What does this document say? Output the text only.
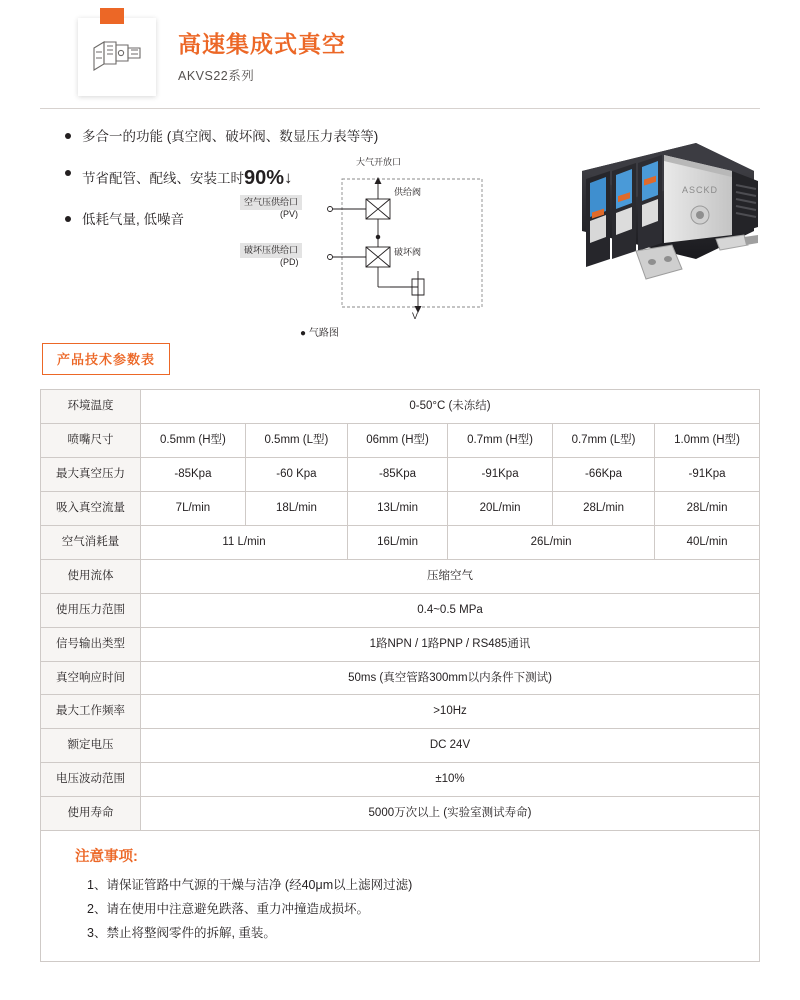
高速集成式真空
AKVS22系列
多合一的功能 (真空阀、破坏阀、数显压力表等等)
节省配管、配线、安装工时90%↓
低耗气量, 低噪音
大气开放口
供给阀
破坏阀
空气压供给口
(PV)
破坏压供给口
(PD)
V
● 气路图
ASCKD
产品技术参数表
环境温度	0-50°C (未冻结)					
喷嘴尺寸	0.5mm (H型)	0.5mm (L型)	06mm (H型)	0.7mm (H型)	0.7mm (L型)	1.0mm (H型)
最大真空压力	-85Kpa	-60 Kpa	-85Kpa	-91Kpa	-66Kpa	-91Kpa
吸入真空流量	7L/min	18L/min	13L/min	20L/min	28L/min	28L/min
空气消耗量	11 L/min		16L/min	26L/min		40L/min
使用流体	压缩空气					
使用压力范围	0.4~0.5 MPa					
信号输出类型	1路NPN / 1路PNP / RS485通讯					
真空响应时间	50ms (真空管路300mm以内条件下测试)					
最大工作频率	>10Hz					
额定电压	DC 24V					
电压波动范围	±10%					
使用寿命	5000万次以上 (实验室测试寿命)					
注意事项:
1、请保证管路中气源的干燥与洁净 (经40μm以上滤网过滤)
2、请在使用中注意避免跌落、重力冲撞造成损坏。
3、禁止将整阀零件的拆解, 重装。
